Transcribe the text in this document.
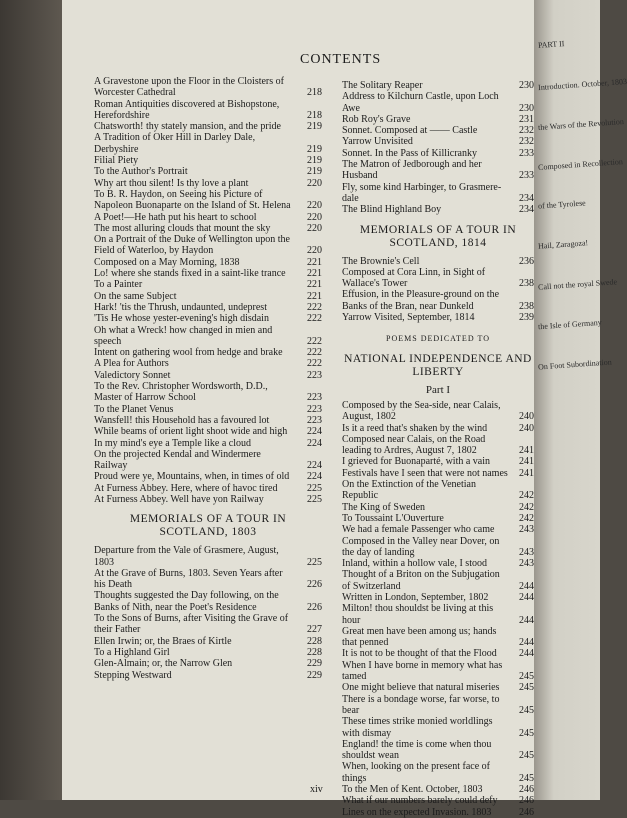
PART II
Introduction. October, 1803
the Wars of the Revolution
Composed in Recollection
of the Tyrolese
Hail, Zaragoza!
Call not the royal Swede
the Isle of Germany
On Foot Subordination
CONTENTS
A Gravestone upon the Floor in the Cloisters of Worcester Cathedral	218
Roman Antiquities discovered at Bishopstone, Herefordshire	218
Chatsworth! thy stately mansion, and the pride	219
A Tradition of Oker Hill in Darley Dale, Derbyshire	219
Filial Piety	219
To the Author's Portrait	219
Why art thou silent! Is thy love a plant	220
To B. R. Haydon, on Seeing his Picture of Napoleon Buonaparte on the Island of St. Helena	220
A Poet!—He hath put his heart to school	220
The most alluring clouds that mount the sky	220
On a Portrait of the Duke of Wellington upon the Field of Waterloo, by Haydon	220
Composed on a May Morning, 1838	221
Lo! where she stands fixed in a saint-like trance	221
To a Painter	221
On the same Subject	221
Hark! 'tis the Thrush, undaunted, undeprest	222
'Tis He whose yester-evening's high disdain	222
Oh what a Wreck! how changed in mien and speech	222
Intent on gathering wool from hedge and brake	222
A Plea for Authors	222
Valedictory Sonnet	223
To the Rev. Christopher Wordsworth, D.D., Master of Harrow School	223
To the Planet Venus	223
Wansfell! this Household has a favoured lot	223
While beams of orient light shoot wide and high	224
In my mind's eye a Temple like a cloud	224
On the projected Kendal and Windermere Railway	224
Proud were ye, Mountains, when, in times of old	224
At Furness Abbey. Here, where of havoc tired	225
At Furness Abbey. Well have yon Railway	225
MEMORIALS OF A TOUR IN SCOTLAND, 1803
Departure from the Vale of Grasmere, August, 1803	225
At the Grave of Burns, 1803. Seven Years after his Death	226
Thoughts suggested the Day following, on the Banks of Nith, near the Poet's Residence	226
To the Sons of Burns, after Visiting the Grave of their Father	227
Ellen Irwin; or, the Braes of Kirtle	228
To a Highland Girl	228
Glen-Almain; or, the Narrow Glen	229
Stepping Westward	229
The Solitary Reaper	230
Address to Kilchurn Castle, upon Loch Awe	230
Rob Roy's Grave	231
Sonnet. Composed at —— Castle	232
Yarrow Unvisited	232
Sonnet. In the Pass of Killicranky	233
The Matron of Jedborough and her Husband	233
Fly, some kind Harbinger, to Grasmere-dale	234
The Blind Highland Boy	234
MEMORIALS OF A TOUR IN SCOTLAND, 1814
The Brownie's Cell	236
Composed at Cora Linn, in Sight of Wallace's Tower	238
Effusion, in the Pleasure-ground on the Banks of the Bran, near Dunkeld	238
Yarrow Visited, September, 1814	239
POEMS DEDICATED TO
NATIONAL INDEPENDENCE AND LIBERTY
Part I
Composed by the Sea-side, near Calais, August, 1802	240
Is it a reed that's shaken by the wind	240
Composed near Calais, on the Road leading to Ardres, August 7, 1802	241
I grieved for Buonaparté, with a vain	241
Festivals have I seen that were not names	241
On the Extinction of the Venetian Republic	242
The King of Sweden	242
To Toussaint L'Ouverture	242
We had a female Passenger who came	243
Composed in the Valley near Dover, on the day of landing	243
Inland, within a hollow vale, I stood	243
Thought of a Briton on the Subjugation of Switzerland	244
Written in London, September, 1802	244
Milton! thou shouldst be living at this hour	244
Great men have been among us; hands that penned	244
It is not to be thought of that the Flood	244
When I have borne in memory what has tamed	245
One might believe that natural miseries	245
There is a bondage worse, far worse, to bear	245
These times strike monied worldlings with dismay	245
England! the time is come when thou shouldst wean	245
When, looking on the present face of things	245
To the Men of Kent. October, 1803	246
What if our numbers barely could defy	246
Lines on the expected Invasion. 1803	246
xiv
